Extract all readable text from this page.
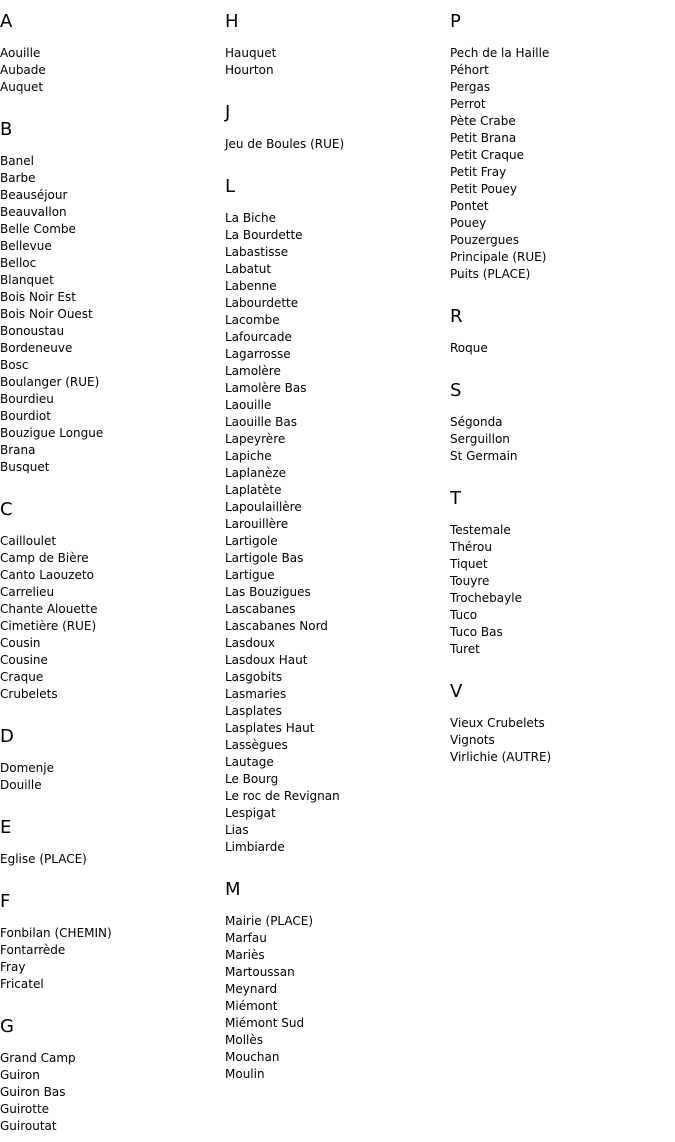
A
Aouille
Aubade
Auquet
B
Banel
Barbe
Beauséjour
Beauvallon
Belle Combe
Bellevue
Belloc
Blanquet
Bois Noir Est
Bois Noir Ouest
Bonoustau
Bordeneuve
Bosc
Boulanger (RUE)
Bourdieu
Bourdiot
Bouzigue Longue
Brana
Busquet
C
Cailloulet
Camp de Bière
Canto Laouzeto
Carrelieu
Chante Alouette
Cimetière (RUE)
Cousin
Cousine
Craque
Crubelets
D
Domenje
Douille
E
Eglise (PLACE)
F
Fonbilan (CHEMIN)
Fontarrède
Fray
Fricatel
G
Grand Camp
Guiron
Guiron Bas
Guirotte
Guiroutat
H
Hauquet
Hourton
J
Jeu de Boules (RUE)
L
La Biche
La Bourdette
Labastisse
Labatut
Labenne
Labourdette
Lacombe
Lafourcade
Lagarrosse
Lamolère
Lamolère Bas
Laouille
Laouille Bas
Lapeyrère
Lapiche
Laplanèze
Laplatète
Lapoulaillère
Larouillère
Lartigole
Lartigole Bas
Lartigue
Las Bouzigues
Lascabanes
Lascabanes Nord
Lasdoux
Lasdoux Haut
Lasgobits
Lasmaries
Lasplates
Lasplates Haut
Lassègues
Lautage
Le Bourg
Le roc de Revignan
Lespigat
Lias
Limbiarde
M
Mairie (PLACE)
Marfau
Mariès
Martoussan
Meynard
Miémont
Miémont Sud
Mollès
Mouchan
Moulin
P
Pech de la Haille
Péhort
Pergas
Perrot
Pète Crabe
Petit Brana
Petit Craque
Petit Fray
Petit Pouey
Pontet
Pouey
Pouzergues
Principale (RUE)
Puits (PLACE)
R
Roque
S
Ségonda
Serguillon
St Germain
T
Testemale
Thérou
Tiquet
Touyre
Trochebayle
Tuco
Tuco Bas
Turet
V
Vieux Crubelets
Vignots
Virlichie (AUTRE)
